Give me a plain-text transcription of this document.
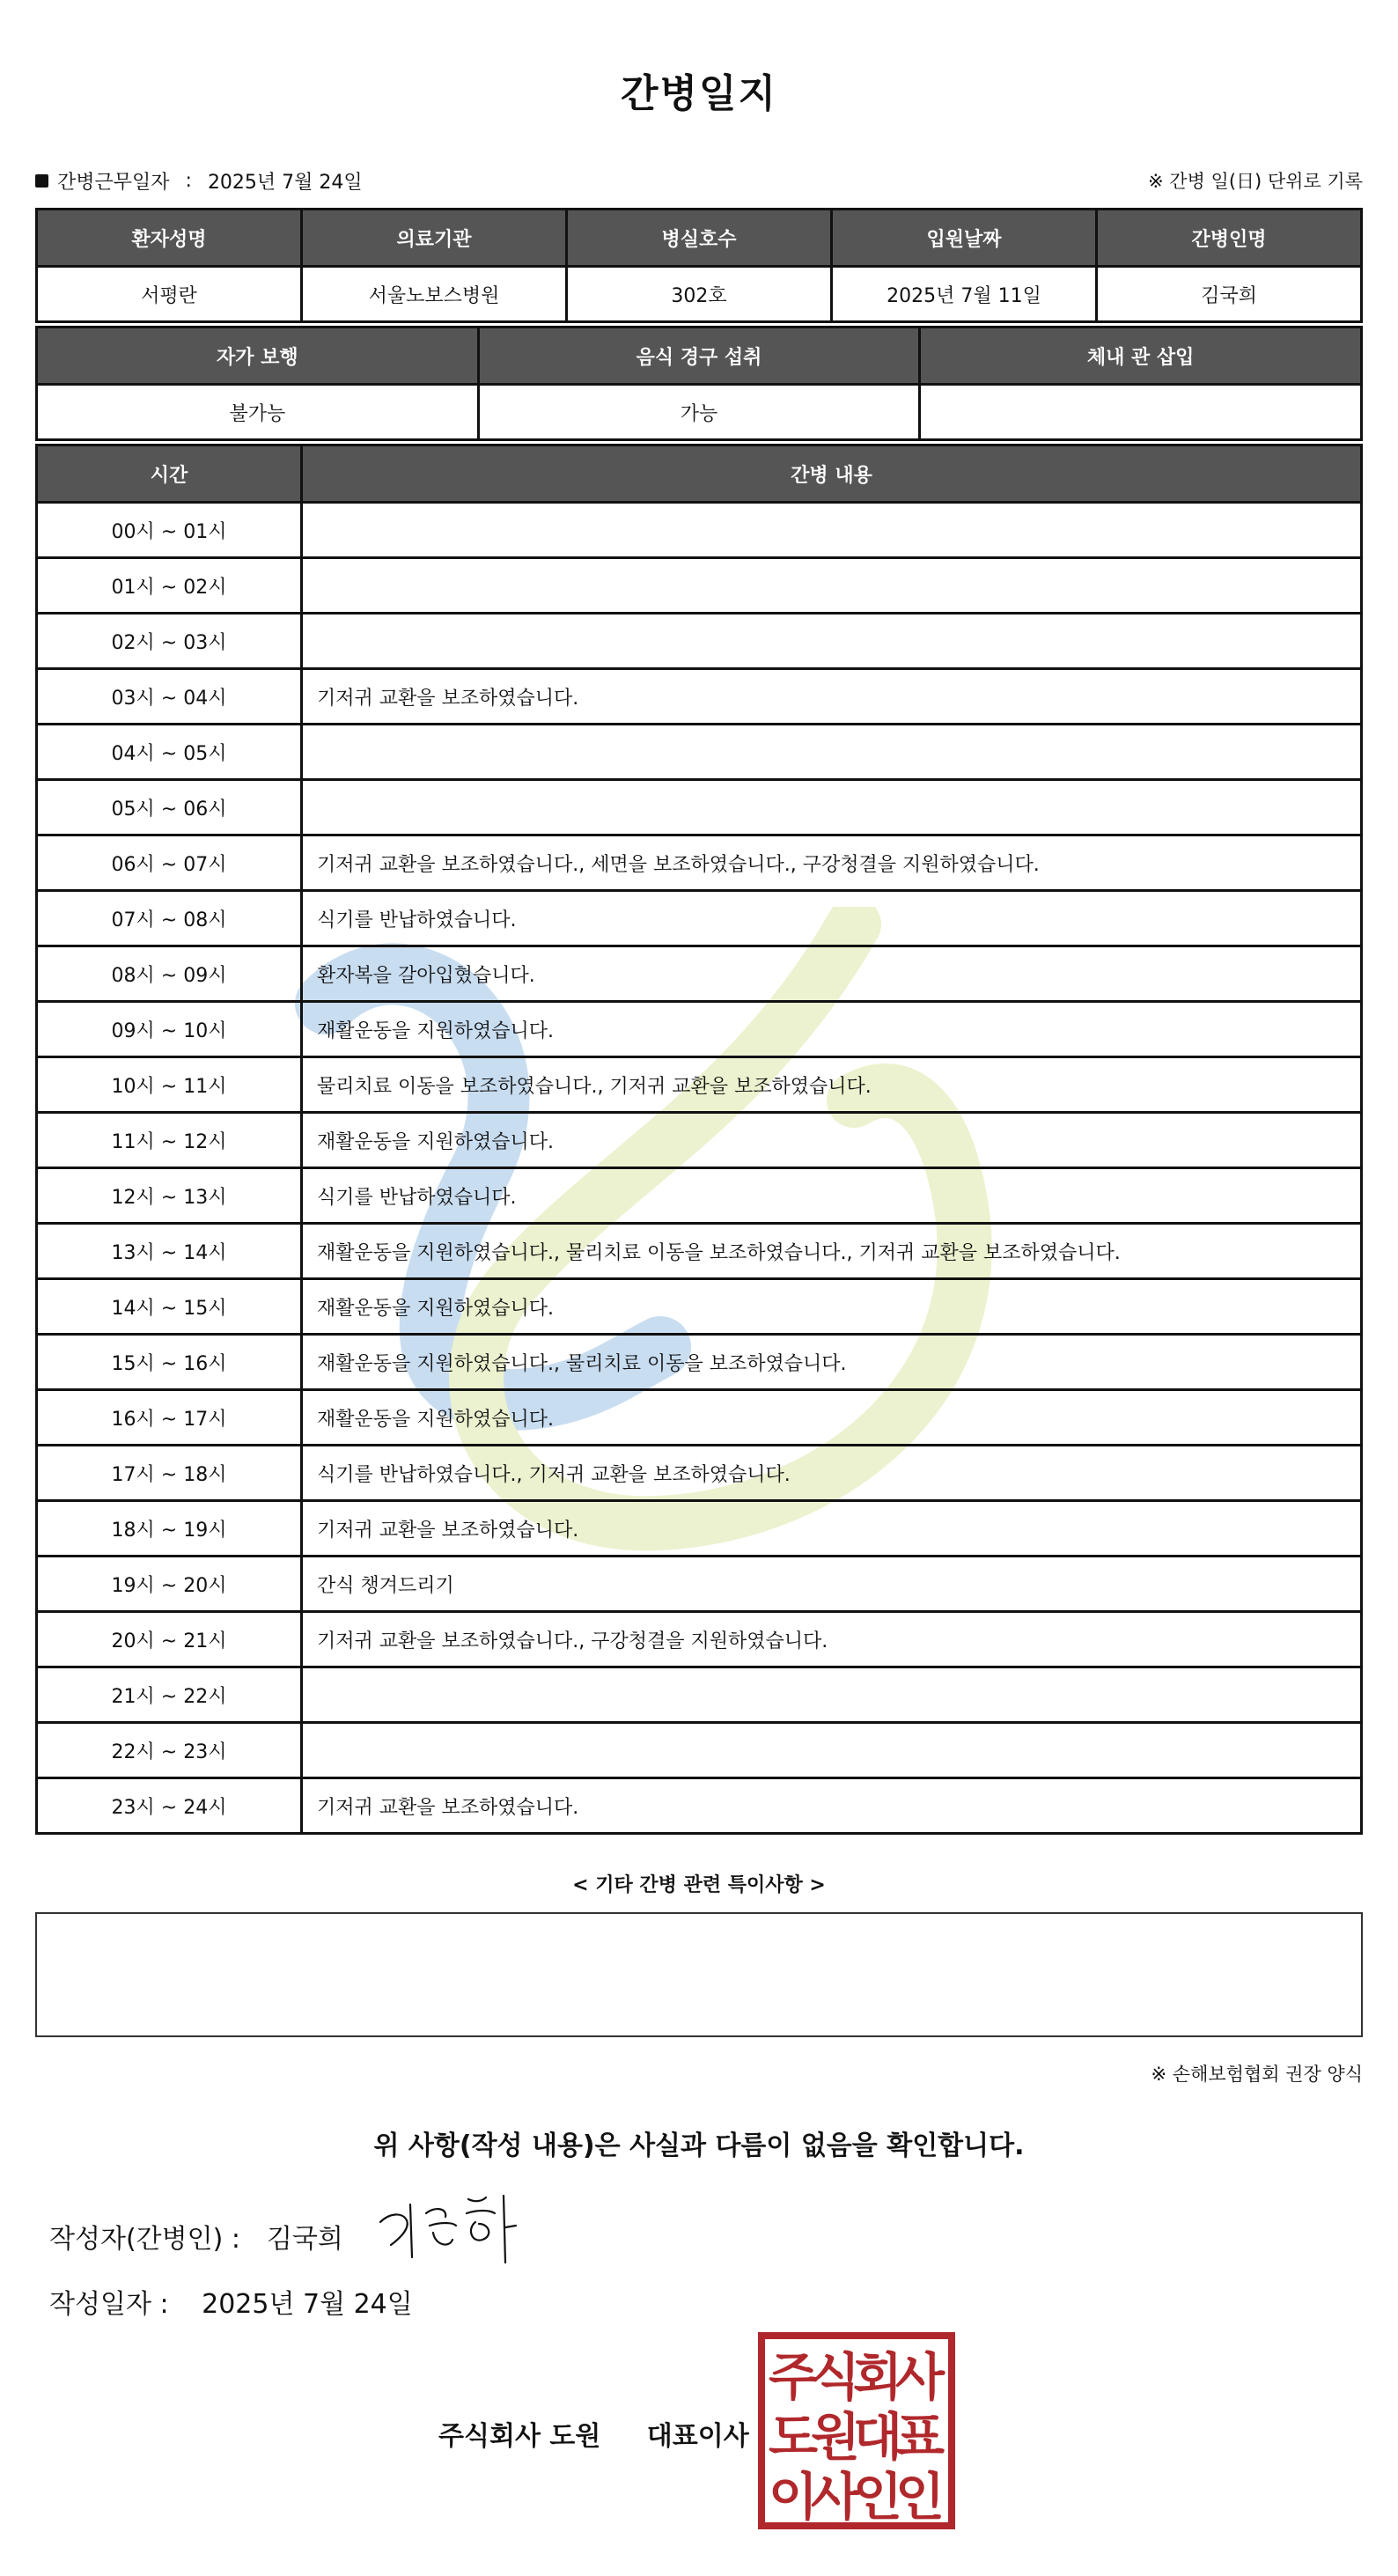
간병일지
간병근무일자 : 2025년 7월 24일	※ 간병 일(日) 단위로 기록
환자성명	의료기관	병실호수	입원날짜	간병인명
서평란	서울노보스병원	302호	2025년 7월 11일	김국희
자가 보행	음식 경구 섭취	체내 관 삽입
불가능	가능	
시간	간병 내용
00시 ~ 01시	
01시 ~ 02시	
02시 ~ 03시	
03시 ~ 04시	기저귀 교환을 보조하였습니다.
04시 ~ 05시	
05시 ~ 06시	
06시 ~ 07시	기저귀 교환을 보조하였습니다., 세면을 보조하였습니다., 구강청결을 지원하였습니다.
07시 ~ 08시	식기를 반납하였습니다.
08시 ~ 09시	환자복을 갈아입혔습니다.
09시 ~ 10시	재활운동을 지원하였습니다.
10시 ~ 11시	물리치료 이동을 보조하였습니다., 기저귀 교환을 보조하였습니다.
11시 ~ 12시	재활운동을 지원하였습니다.
12시 ~ 13시	식기를 반납하였습니다.
13시 ~ 14시	재활운동을 지원하였습니다., 물리치료 이동을 보조하였습니다., 기저귀 교환을 보조하였습니다.
14시 ~ 15시	재활운동을 지원하였습니다.
15시 ~ 16시	재활운동을 지원하였습니다., 물리치료 이동을 보조하였습니다.
16시 ~ 17시	재활운동을 지원하였습니다.
17시 ~ 18시	식기를 반납하였습니다., 기저귀 교환을 보조하였습니다.
18시 ~ 19시	기저귀 교환을 보조하였습니다.
19시 ~ 20시	간식 챙겨드리기
20시 ~ 21시	기저귀 교환을 보조하였습니다., 구강청결을 지원하였습니다.
21시 ~ 22시	
22시 ~ 23시	
23시 ~ 24시	기저귀 교환을 보조하였습니다.
< 기타 간병 관련 특이사항 >
※ 손해보험협회 권장 양식
위 사항(작성 내용)은 사실과 다름이 없음을 확인합니다.
작성자(간병인) : 김국희
작성일자 : 2025년 7월 24일
주식회사 도원 대표이사
주
식
회
사
도
원
대
표
이
사
인
인
